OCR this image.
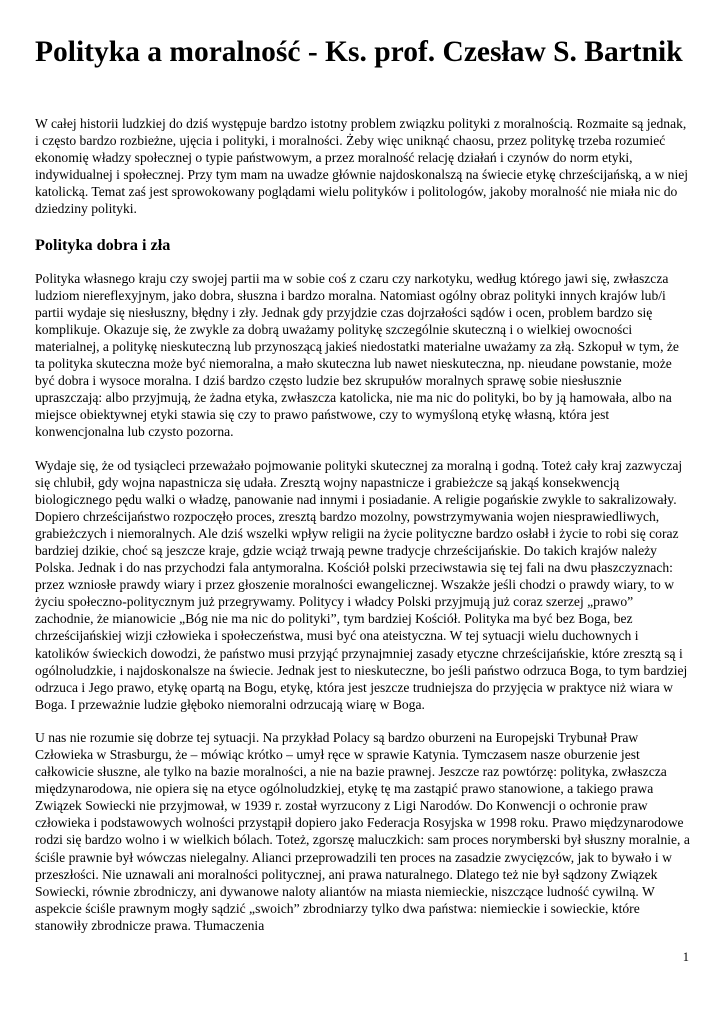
Polityka a moralność - Ks. prof. Czesław S. Bartnik

W całej historii ludzkiej do dziś występuje bardzo istotny problem związku polityki z moralnością. Rozmaite są jednak, i często bardzo rozbieżne, ujęcia i polityki, i moralności. Żeby więc uniknąć chaosu, przez politykę trzeba rozumieć ekonomię władzy społecznej o typie państwowym, a przez moralność relację działań i czynów do norm etyki, indywidualnej i społecznej. Przy tym mam na uwadze głównie najdoskonalszą na świecie etykę chrześcijańską, a w niej katolicką. Temat zaś jest sprowokowany poglądami wielu polityków i politologów, jakoby moralność nie miała nic do dziedziny polityki.

Polityka dobra i zła

Polityka własnego kraju czy swojej partii ma w sobie coś z czaru czy narkotyku, według którego jawi się, zwłaszcza ludziom niereflexyjnym, jako dobra, słuszna i bardzo moralna. Natomiast ogólny obraz polityki innych krajów lub/i partii wydaje się niesłuszny, błędny i zły. Jednak gdy przyjdzie czas dojrzałości sądów i ocen, problem bardzo się komplikuje. Okazuje się, że zwykle za dobrą uważamy politykę szczególnie skuteczną i o wielkiej owocności materialnej, a politykę nieskuteczną lub przynoszącą jakieś niedostatki materialne uważamy za złą. Szkopuł w tym, że ta polityka skuteczna może być niemoralna, a mało skuteczna lub nawet nieskuteczna, np. nieudane powstanie, może być dobra i wysoce moralna. I dziś bardzo często ludzie bez skrupułów moralnych sprawę sobie niesłusznie upraszczają: albo przyjmują, że żadna etyka, zwłaszcza katolicka, nie ma nic do polityki, bo by ją hamowała, albo na miejsce obiektywnej etyki stawia się czy to prawo państwowe, czy to wymyśloną etykę własną, która jest konwencjonalna lub czysto pozorna.

Wydaje się, że od tysiącleci przeważało pojmowanie polityki skutecznej za moralną i godną. Toteż cały kraj zazwyczaj się chlubił, gdy wojna napastnicza się udała. Zresztą wojny napastnicze i grabieżcze są jakąś konsekwencją biologicznego pędu walki o władzę, panowanie nad innymi i posiadanie. A religie pogańskie zwykle to sakralizowały. Dopiero chrześcijaństwo rozpoczęło proces, zresztą bardzo mozolny, powstrzymywania wojen niesprawiedliwych, grabieżczych i niemoralnych. Ale dziś wszelki wpływ religii na życie polityczne bardzo osłabł i życie to robi się coraz bardziej dzikie, choć są jeszcze kraje, gdzie wciąż trwają pewne tradycje chrześcijańskie. Do takich krajów należy Polska. Jednak i do nas przychodzi fala antymoralna. Kościół polski przeciwstawia się tej fali na dwu płaszczyznach: przez wzniosłe prawdy wiary i przez głoszenie moralności ewangelicznej. Wszakże jeśli chodzi o prawdy wiary, to w życiu społeczno-politycznym już przegrywamy. Politycy i władcy Polski przyjmują już coraz szerzej „prawo” zachodnie, że mianowicie „Bóg nie ma nic do polityki”, tym bardziej Kościół. Polityka ma być bez Boga, bez chrześcijańskiej wizji człowieka i społeczeństwa, musi być ona ateistyczna. W tej sytuacji wielu duchownych i katolików świeckich dowodzi, że państwo musi przyjąć przynajmniej zasady etyczne chrześcijańskie, które zresztą są i ogólnoludzkie, i najdoskonalsze na świecie. Jednak jest to nieskuteczne, bo jeśli państwo odrzuca Boga, to tym bardziej odrzuca i Jego prawo, etykę opartą na Bogu, etykę, która jest jeszcze trudniejsza do przyjęcia w praktyce niż wiara w Boga. I przeważnie ludzie głęboko niemoralni odrzucają wiarę w Boga.

U nas nie rozumie się dobrze tej sytuacji. Na przykład Polacy są bardzo oburzeni na Europejski Trybunał Praw Człowieka w Strasburgu, że – mówiąc krótko – umył ręce w sprawie Katynia. Tymczasem nasze oburzenie jest całkowicie słuszne, ale tylko na bazie moralności, a nie na bazie prawnej. Jeszcze raz powtórzę: polityka, zwłaszcza międzynarodowa, nie opiera się na etyce ogólnoludzkiej, etykę tę ma zastąpić prawo stanowione, a takiego prawa Związek Sowiecki nie przyjmował, w 1939 r. został wyrzucony z Ligi Narodów. Do Konwencji o ochronie praw człowieka i podstawowych wolności przystąpił dopiero jako Federacja Rosyjska w 1998 roku. Prawo międzynarodowe rodzi się bardzo wolno i w wielkich bólach. Toteż, zgorszę maluczkich: sam proces norymberski był słuszny moralnie, a ściśle prawnie był wówczas nielegalny. Alianci przeprowadzili ten proces na zasadzie zwycięzców, jak to bywało i w przeszłości. Nie uznawali ani moralności politycznej, ani prawa naturalnego. Dlatego też nie był sądzony Związek Sowiecki, równie zbrodniczy, ani dywanowe naloty aliantów na miasta niemieckie, niszczące ludność cywilną. W aspekcie ściśle prawnym mogły sądzić „swoich” zbrodniarzy tylko dwa państwa: niemieckie i sowieckie, które stanowiły zbrodnicze prawa. Tłumaczenia

1
